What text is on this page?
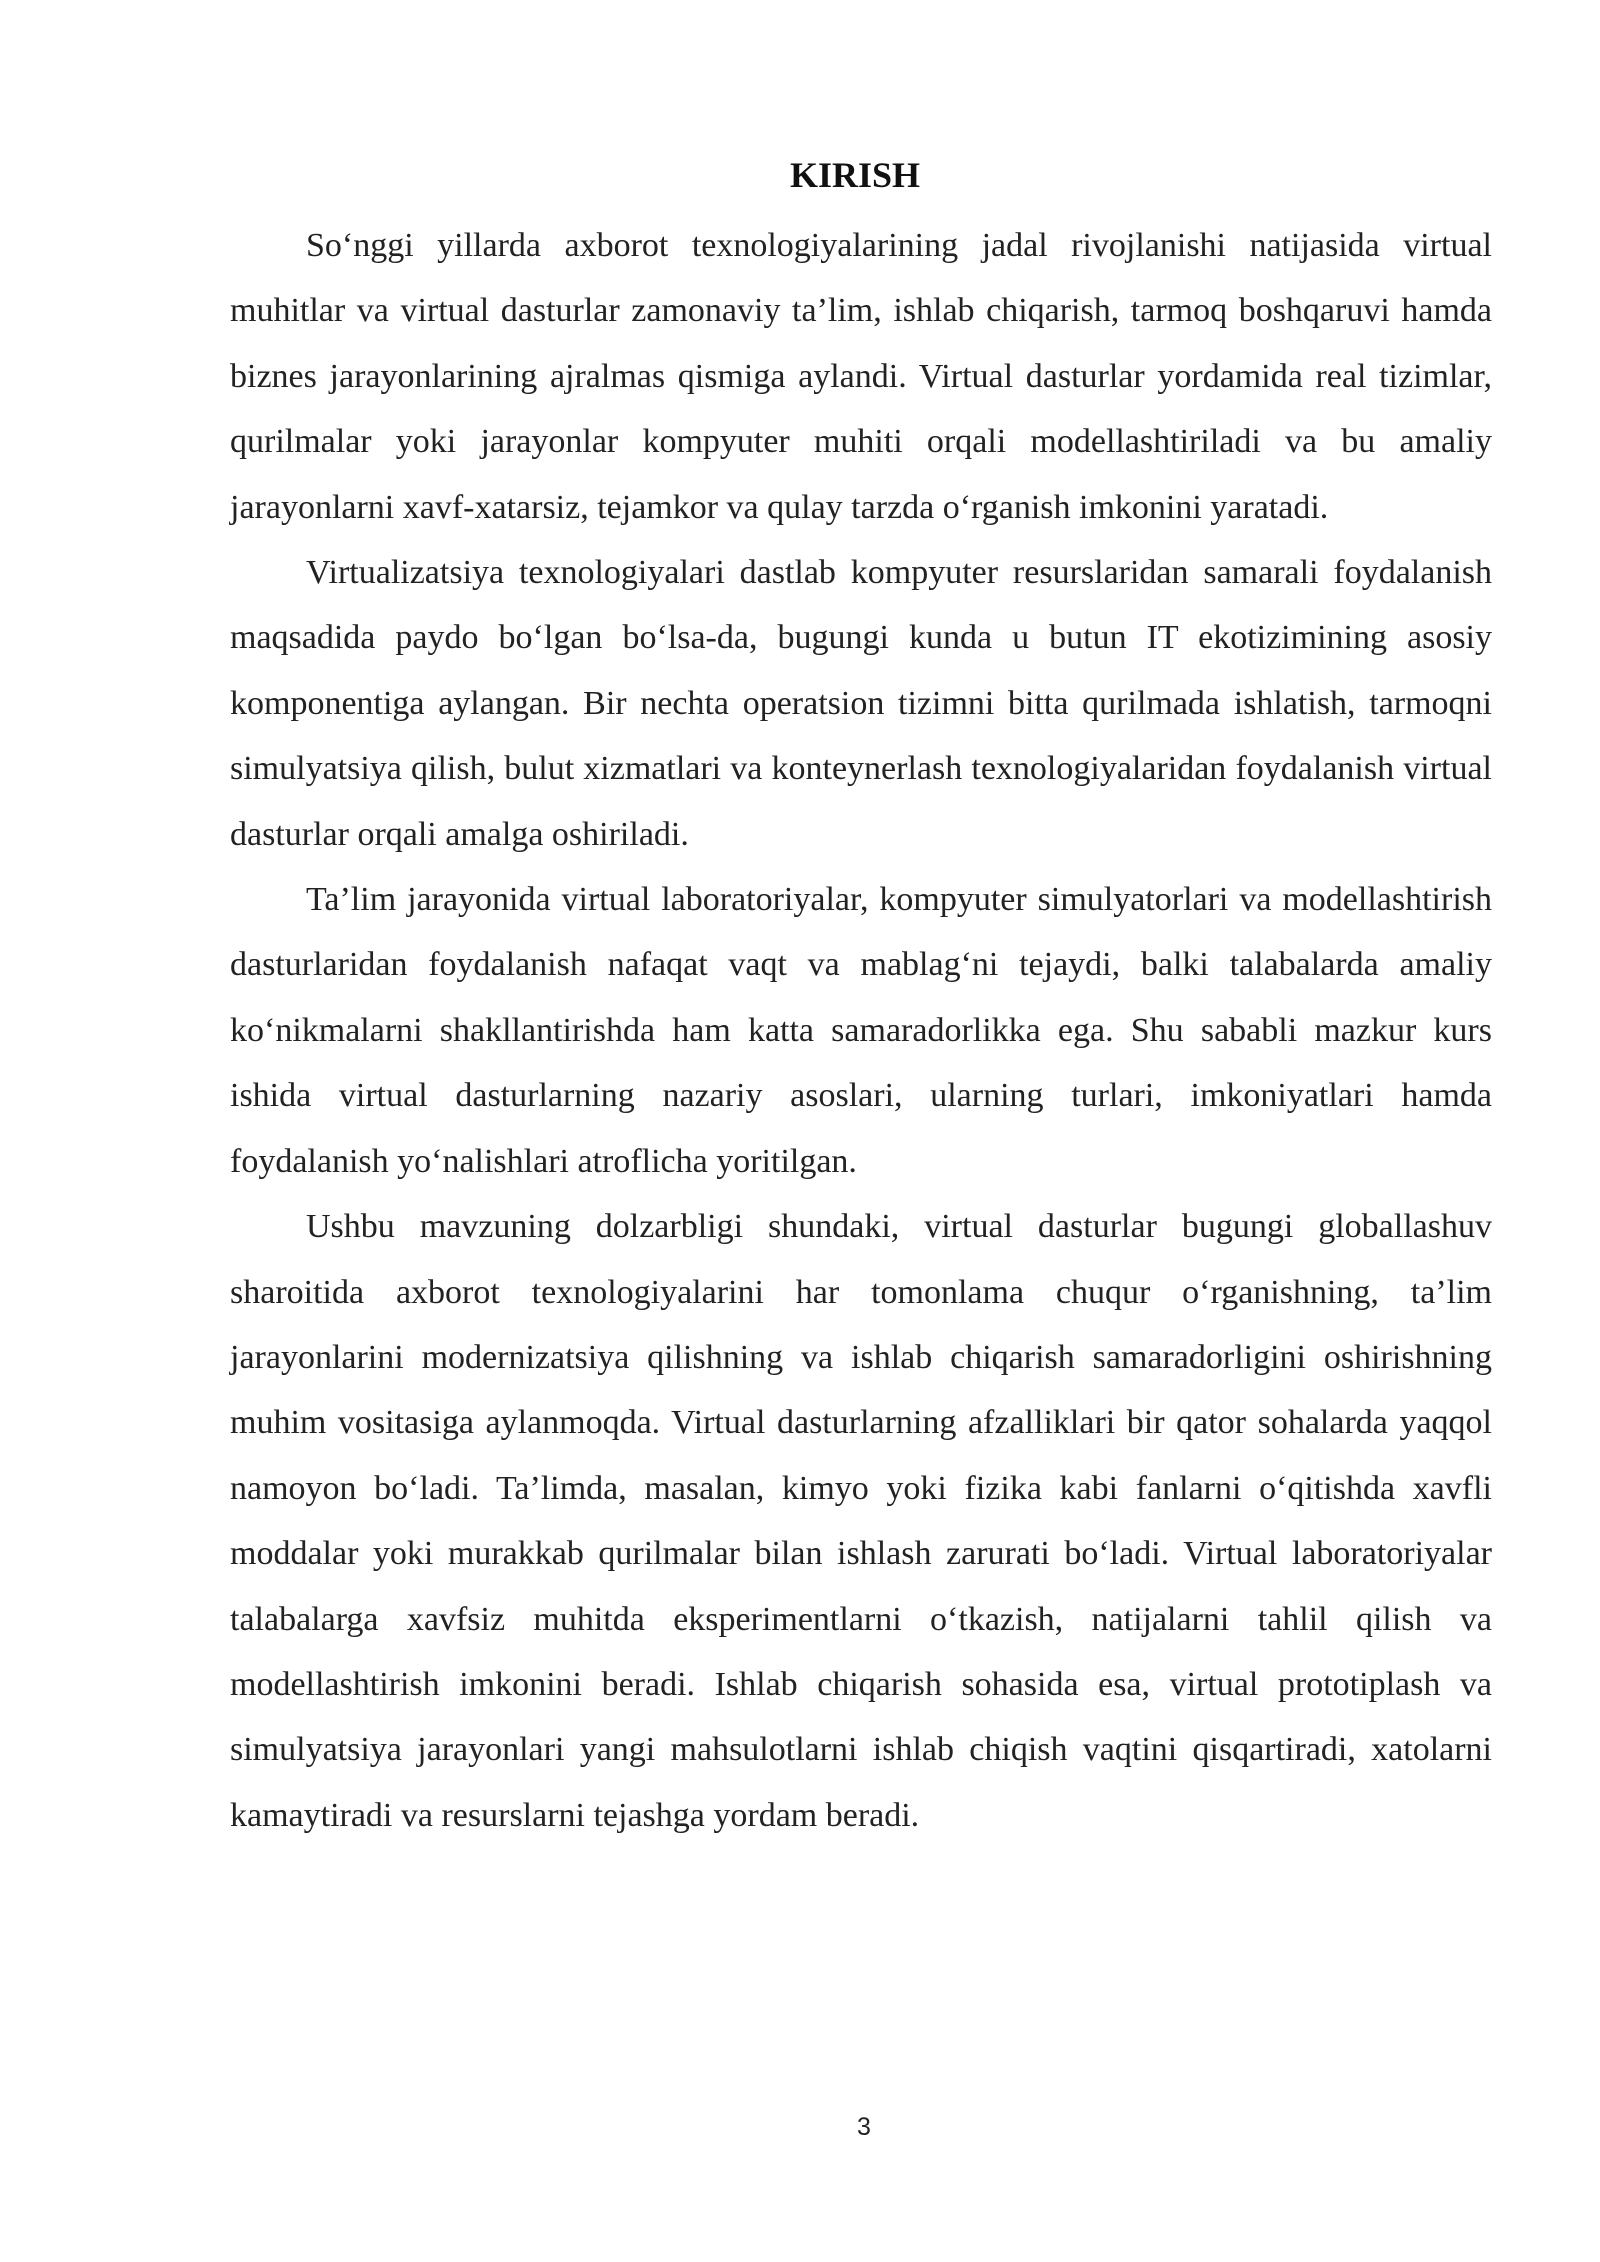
KIRISH

So‘nggi yillarda axborot texnologiyalarining jadal rivojlanishi natijasida virtual muhitlar va virtual dasturlar zamonaviy ta’lim, ishlab chiqarish, tarmoq boshqaruvi hamda biznes jarayonlarining ajralmas qismiga aylandi. Virtual dasturlar yordamida real tizimlar, qurilmalar yoki jarayonlar kompyuter muhiti orqali modellashtiriladi va bu amaliy jarayonlarni xavf-xatarsiz, tejamkor va qulay tarzda o‘rganish imkonini yaratadi.

Virtualizatsiya texnologiyalari dastlab kompyuter resurslaridan samarali foydalanish maqsadida paydo bo‘lgan bo‘lsa-da, bugungi kunda u butun IT ekotizimining asosiy komponentiga aylangan. Bir nechta operatsion tizimni bitta qurilmada ishlatish, tarmoqni simulyatsiya qilish, bulut xizmatlari va konteynerlash texnologiyalaridan foydalanish virtual dasturlar orqali amalga oshiriladi.

Ta’lim jarayonida virtual laboratoriyalar, kompyuter simulyatorlari va modellashtirish dasturlaridan foydalanish nafaqat vaqt va mablag‘ni tejaydi, balki talabalarda amaliy ko‘nikmalarni shakllantirishda ham katta samaradorlikka ega. Shu sababli mazkur kurs ishida virtual dasturlarning nazariy asoslari, ularning turlari, imkoniyatlari hamda foydalanish yo‘nalishlari atroflicha yoritilgan.

Ushbu mavzuning dolzarbligi shundaki, virtual dasturlar bugungi globallashuv sharoitida axborot texnologiyalarini har tomonlama chuqur o‘rganishning, ta’lim jarayonlarini modernizatsiya qilishning va ishlab chiqarish samaradorligini oshirishning muhim vositasiga aylanmoqda. Virtual dasturlarning afzalliklari bir qator sohalarda yaqqol namoyon bo‘ladi. Ta’limda, masalan, kimyo yoki fizika kabi fanlarni o‘qitishda xavfli moddalar yoki murakkab qurilmalar bilan ishlash zarurati bo‘ladi. Virtual laboratoriyalar talabalarga xavfsiz muhitda eksperimentlarni o‘tkazish, natijalarni tahlil qilish va modellashtirish imkonini beradi. Ishlab chiqarish sohasida esa, virtual prototiplash va simulyatsiya jarayonlari yangi mahsulotlarni ishlab chiqish vaqtini qisqartiradi, xatolarni kamaytiradi va resurslarni tejashga yordam beradi.

3
